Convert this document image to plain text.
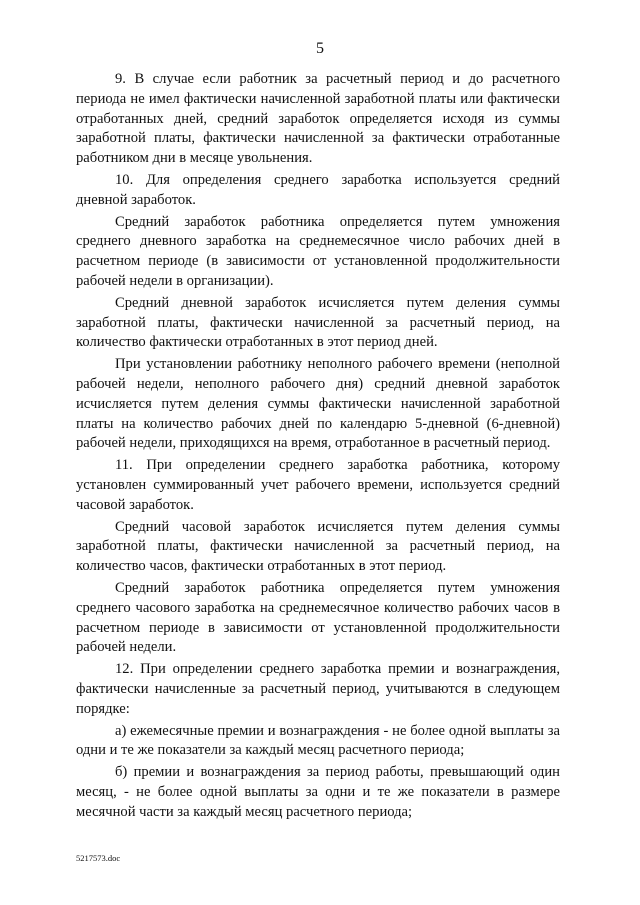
5

9. В случае если работник за расчетный период и до расчетного периода не имел фактически начисленной заработной платы или фактически отработанных дней, средний заработок определяется исходя из суммы заработной платы, фактически начисленной за фактически отработанные работником дни в месяце увольнения.

10. Для определения среднего заработка используется средний дневной заработок.

Средний заработок работника определяется путем умножения среднего дневного заработка на среднемесячное число рабочих дней в расчетном периоде (в зависимости от установленной продолжительности рабочей недели в организации).

Средний дневной заработок исчисляется путем деления суммы заработной платы, фактически начисленной за расчетный период, на количество фактически отработанных в этот период дней.

При установлении работнику неполного рабочего времени (неполной рабочей недели, неполного рабочего дня) средний дневной заработок исчисляется путем деления суммы фактически начисленной заработной платы на количество рабочих дней по календарю 5-дневной (6-дневной) рабочей недели, приходящихся на время, отработанное в расчетный период.

11. При определении среднего заработка работника, которому установлен суммированный учет рабочего времени, используется средний часовой заработок.

Средний часовой заработок исчисляется путем деления суммы заработной платы, фактически начисленной за расчетный период, на количество часов, фактически отработанных в этот период.

Средний заработок работника определяется путем умножения среднего часового заработка на среднемесячное количество рабочих часов в расчетном периоде в зависимости от установленной продолжительности рабочей недели.

12. При определении среднего заработка премии и вознаграждения, фактически начисленные за расчетный период, учитываются в следующем порядке:

а) ежемесячные премии и вознаграждения - не более одной выплаты за одни и те же показатели за каждый месяц расчетного периода;

б) премии и вознаграждения за период работы, превышающий один месяц, - не более одной выплаты за одни и те же показатели в размере месячной части за каждый месяц расчетного периода;

5217573.doc
